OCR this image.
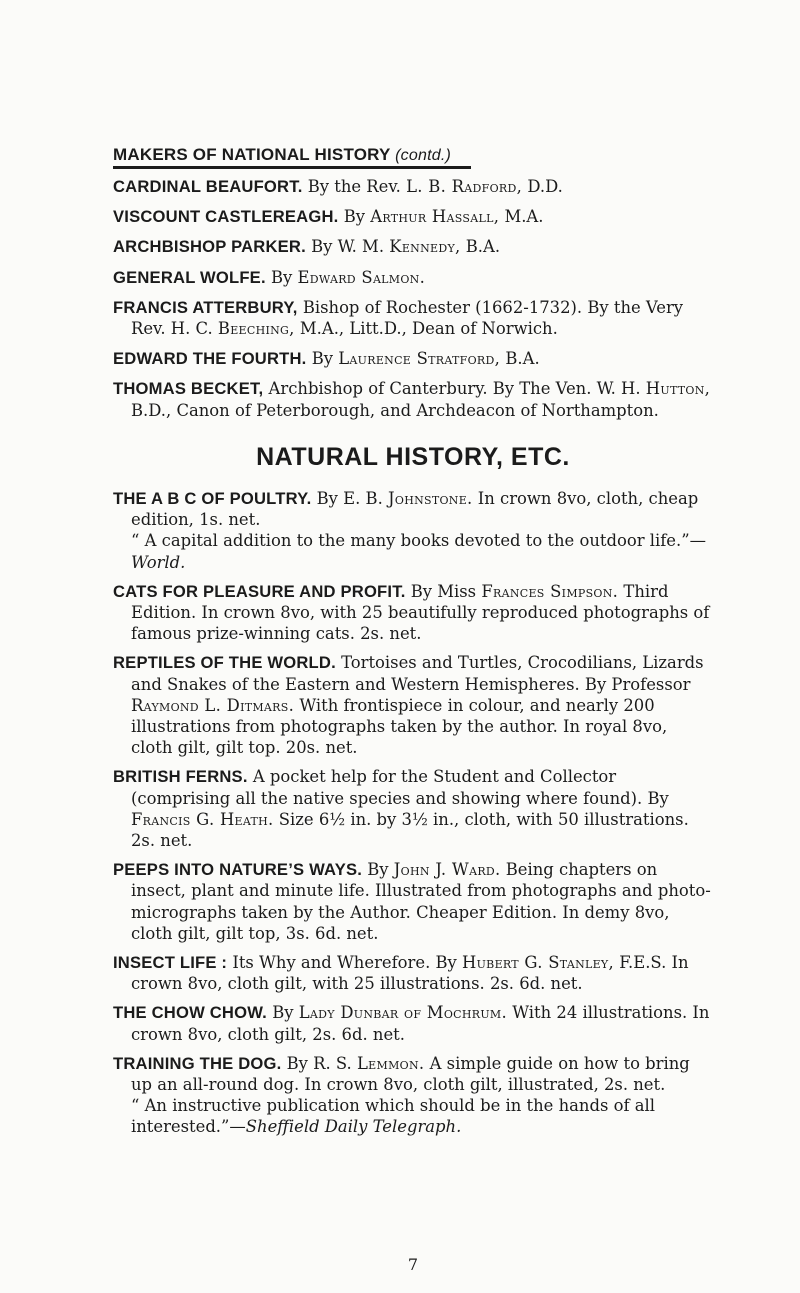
MAKERS OF NATIONAL HISTORY (contd.)

CARDINAL BEAUFORT. By the Rev. L. B. Radford, D.D.

VISCOUNT CASTLEREAGH. By Arthur Hassall, M.A.

ARCHBISHOP PARKER. By W. M. Kennedy, B.A.

GENERAL WOLFE. By Edward Salmon.

FRANCIS ATTERBURY, Bishop of Rochester (1662-1732). By the Very Rev. H. C. Beeching, M.A., Litt.D., Dean of Norwich.

EDWARD THE FOURTH. By Laurence Stratford, B.A.

THOMAS BECKET, Archbishop of Canterbury. By The Ven. W. H. Hutton, B.D., Canon of Peterborough, and Archdeacon of Northampton.

NATURAL HISTORY, ETC.

THE A B C OF POULTRY. By E. B. Johnstone. In crown 8vo, cloth, cheap edition, 1s. net.
“ A capital addition to the many books devoted to the outdoor life.”—World.

CATS FOR PLEASURE AND PROFIT. By Miss Frances Simpson. Third Edition. In crown 8vo, with 25 beautifully reproduced photographs of famous prize-winning cats. 2s. net.

REPTILES OF THE WORLD. Tortoises and Turtles, Crocodilians, Lizards and Snakes of the Eastern and Western Hemispheres. By Professor Raymond L. Ditmars. With frontispiece in colour, and nearly 200 illustrations from photographs taken by the author. In royal 8vo, cloth gilt, gilt top. 20s. net.

BRITISH FERNS. A pocket help for the Student and Collector (comprising all the native species and showing where found). By Francis G. Heath. Size 6½ in. by 3½ in., cloth, with 50 illustrations. 2s. net.

PEEPS INTO NATURE’S WAYS. By John J. Ward. Being chapters on insect, plant and minute life. Illustrated from photographs and photo-micrographs taken by the Author. Cheaper Edition. In demy 8vo, cloth gilt, gilt top, 3s. 6d. net.

INSECT LIFE : Its Why and Wherefore. By Hubert G. Stanley, F.E.S. In crown 8vo, cloth gilt, with 25 illustrations. 2s. 6d. net.

THE CHOW CHOW. By Lady Dunbar of Mochrum. With 24 illustrations. In crown 8vo, cloth gilt, 2s. 6d. net.

TRAINING THE DOG. By R. S. Lemmon. A simple guide on how to bring up an all-round dog. In crown 8vo, cloth gilt, illustrated, 2s. net.
“ An instructive publication which should be in the hands of all interested.”—Sheffield Daily Telegraph.

7
